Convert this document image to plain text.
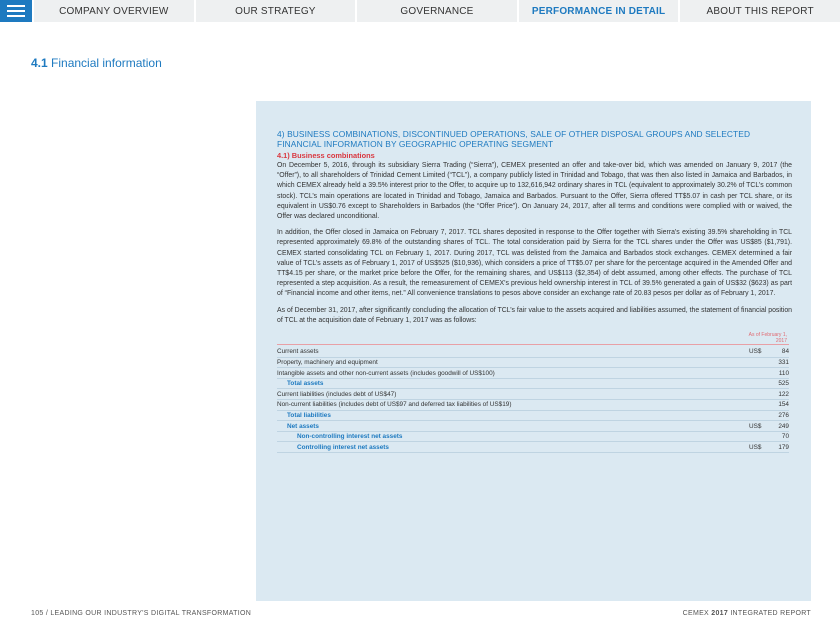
COMPANY OVERVIEW	OUR STRATEGY	GOVERNANCE	PERFORMANCE IN DETAIL	ABOUT THIS REPORT
4.1 Financial information
4) BUSINESS COMBINATIONS, DISCONTINUED OPERATIONS, SALE OF OTHER DISPOSAL GROUPS AND SELECTED FINANCIAL INFORMATION BY GEOGRAPHIC OPERATING SEGMENT
4.1) Business combinations

On December 5, 2016, through its subsidiary Sierra Trading (“Sierra”), CEMEX presented an offer and take-over bid, which was amended on January 9, 2017 (the “Offer”), to all shareholders of Trinidad Cement Limited (“TCL”), a company publicly listed in Trinidad and Tobago, that was then also listed in Jamaica and Barbados, in which CEMEX already held a 39.5% interest prior to the Offer, to acquire up to 132,616,942 ordinary shares in TCL (equivalent to approximately 30.2% of TCL’s common stock). TCL’s main operations are located in Trinidad and Tobago, Jamaica and Barbados. Pursuant to the Offer, Sierra offered TT$5.07 in cash per TCL share, or its equivalent in US$0.76 except to Shareholders in Barbados (the “Offer Price”). On January 24, 2017, after all terms and conditions were complied with or waived, the Offer was declared unconditional.

In addition, the Offer closed in Jamaica on February 7, 2017. TCL shares deposited in response to the Offer together with Sierra’s existing 39.5% shareholding in TCL represented approximately 69.8% of the outstanding shares of TCL. The total consideration paid by Sierra for the TCL shares under the Offer was US$85 ($1,791). CEMEX started consolidating TCL on February 1, 2017. During 2017, TCL was delisted from the Jamaica and Barbados stock exchanges. CEMEX determined a fair value of TCL’s assets as of February 1, 2017 of US$525 ($10,936), which considers a price of TT$5.07 per share for the percentage acquired in the Amended Offer and TT$4.15 per share, or the market price before the Offer, for the remaining shares, and US$113 ($2,354) of debt assumed, among other effects. The purchase of TCL represented a step acquisition. As a result, the remeasurement of CEMEX’s previous held ownership interest in TCL of 39.5% generated a gain of US$32 ($623) as part of “Financial income and other items, net.” All convenience translations to pesos above consider an exchange rate of 20.83 pesos per dollar as of February 1, 2017.

As of December 31, 2017, after significantly concluding the allocation of TCL’s fair value to the assets acquired and liabilities assumed, the statement of financial position of TCL at the acquisition date of February 1, 2017 was as follows:

As of February 1,
2017
Current assets	US$	84
Property, machinery and equipment	331
Intangible assets and other non-current assets (includes goodwill of US$100)	110
Total assets	525
Current liabilities (includes debt of US$47)	122
Non-current liabilities (includes debt of US$97 and deferred tax liabilities of US$19)	154
Total liabilities	276
Net assets	US$	249
Non-controlling interest net assets	70
Controlling interest net assets	US$	179
105 / LEADING OUR INDUSTRY'S DIGITAL TRANSFORMATION	CEMEX 2017 INTEGRATED REPORT
